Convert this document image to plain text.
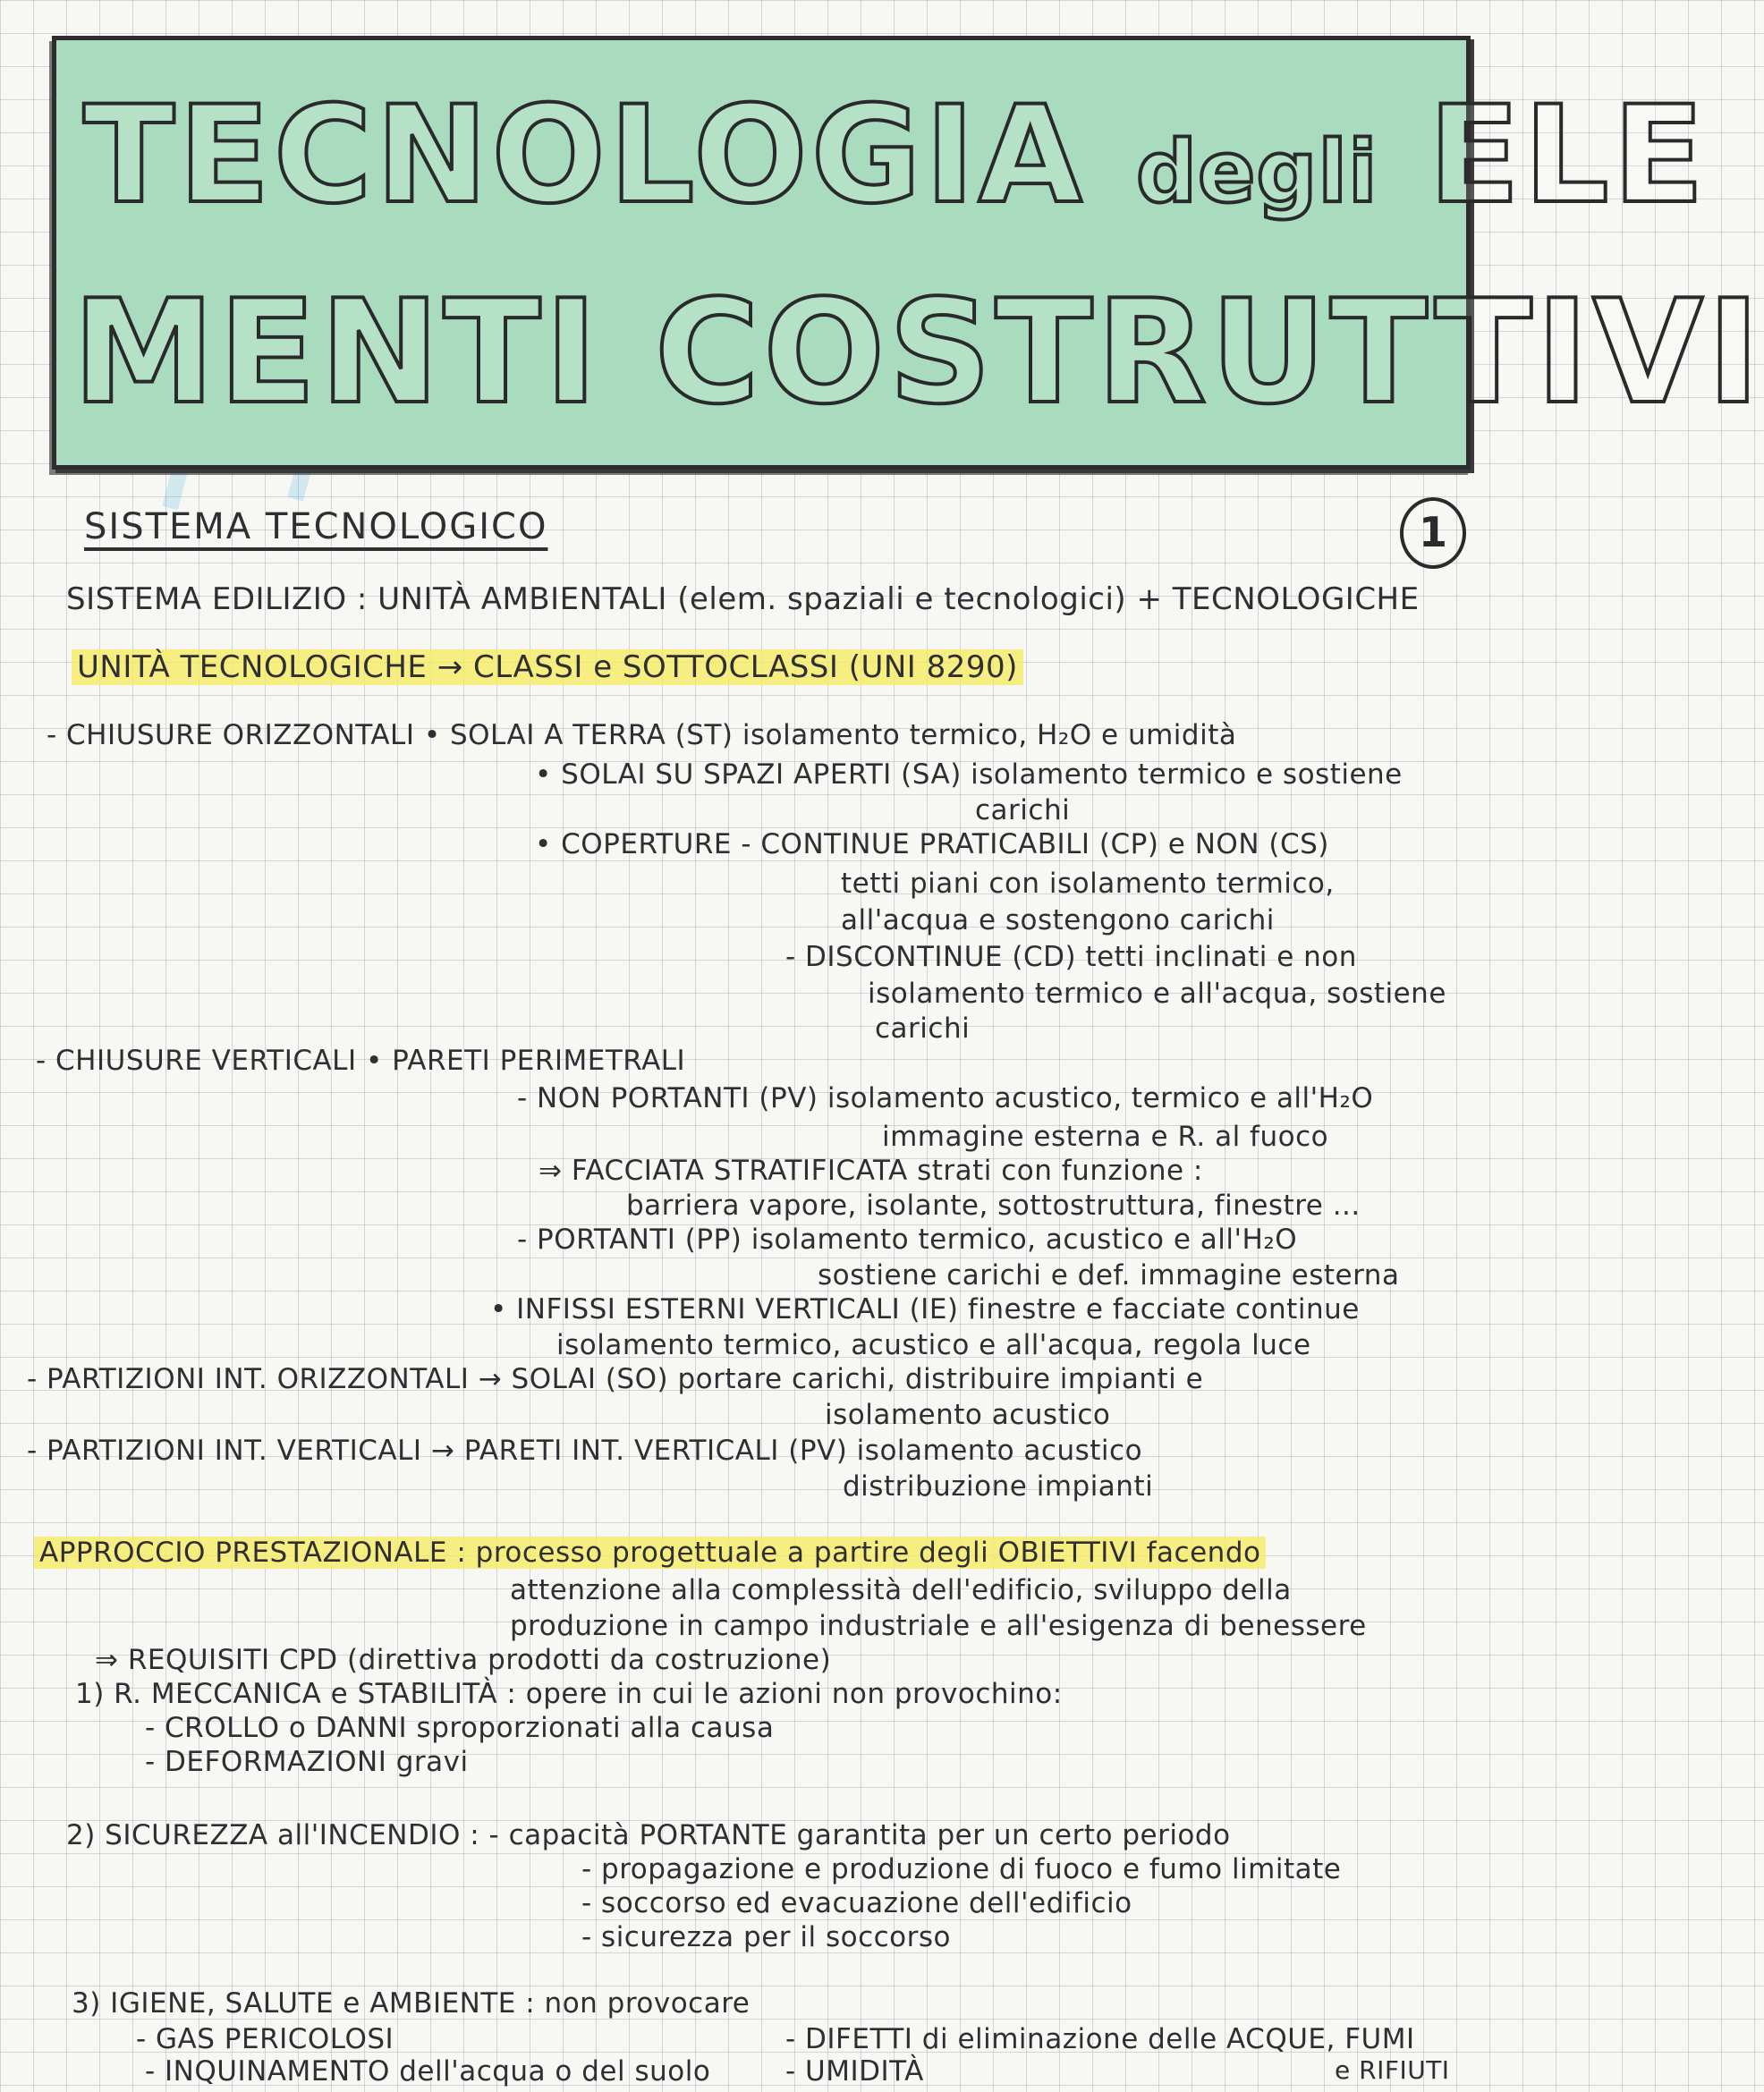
TECNOLOGIA degli ELE
MENTI COSTRUTTIVI
SISTEMA TECNOLOGICO	1
SISTEMA EDILIZIO : UNITÀ AMBIENTALI (elem. spaziali e tecnologici) + TECNOLOGICHE
UNITÀ TECNOLOGICHE → CLASSI e SOTTOCLASSI (UNI 8290)
- CHIUSURE ORIZZONTALI • SOLAI A TERRA (ST) isolamento termico, H₂O e umidità
• SOLAI SU SPAZI APERTI (SA) isolamento termico e sostiene
carichi
• COPERTURE - CONTINUE PRATICABILI (CP) e NON (CS)
tetti piani con isolamento termico,
all'acqua e sostengono carichi
- DISCONTINUE (CD) tetti inclinati e non
isolamento termico e all'acqua, sostiene
carichi
- CHIUSURE VERTICALI • PARETI PERIMETRALI
- NON PORTANTI (PV) isolamento acustico, termico e all'H₂O
immagine esterna e R. al fuoco
⇒ FACCIATA STRATIFICATA strati con funzione :
barriera vapore, isolante, sottostruttura, finestre ...
- PORTANTI (PP) isolamento termico, acustico e all'H₂O
sostiene carichi e def. immagine esterna
• INFISSI ESTERNI VERTICALI (IE) finestre e facciate continue
isolamento termico, acustico e all'acqua, regola luce
- PARTIZIONI INT. ORIZZONTALI → SOLAI (SO) portare carichi, distribuire impianti e
isolamento acustico
- PARTIZIONI INT. VERTICALI → PARETI INT. VERTICALI (PV) isolamento acustico
distribuzione impianti
APPROCCIO PRESTAZIONALE : processo progettuale a partire degli OBIETTIVI facendo
attenzione alla complessità dell'edificio, sviluppo della
produzione in campo industriale e all'esigenza di benessere
⇒ REQUISITI CPD (direttiva prodotti da costruzione)
1) R. MECCANICA e STABILITÀ : opere in cui le azioni non provochino:
- CROLLO o DANNI sproporzionati alla causa
- DEFORMAZIONI gravi
2) SICUREZZA all'INCENDIO : - capacità PORTANTE garantita per un certo periodo
- propagazione e produzione di fuoco e fumo limitate
- soccorso ed evacuazione dell'edificio
- sicurezza per il soccorso
3) IGIENE, SALUTE e AMBIENTE : non provocare
- GAS PERICOLOSI	- DIFETTI di eliminazione delle ACQUE, FUMI
- INQUINAMENTO dell'acqua o del suolo	- UMIDITÀ	e RIFIUTI
